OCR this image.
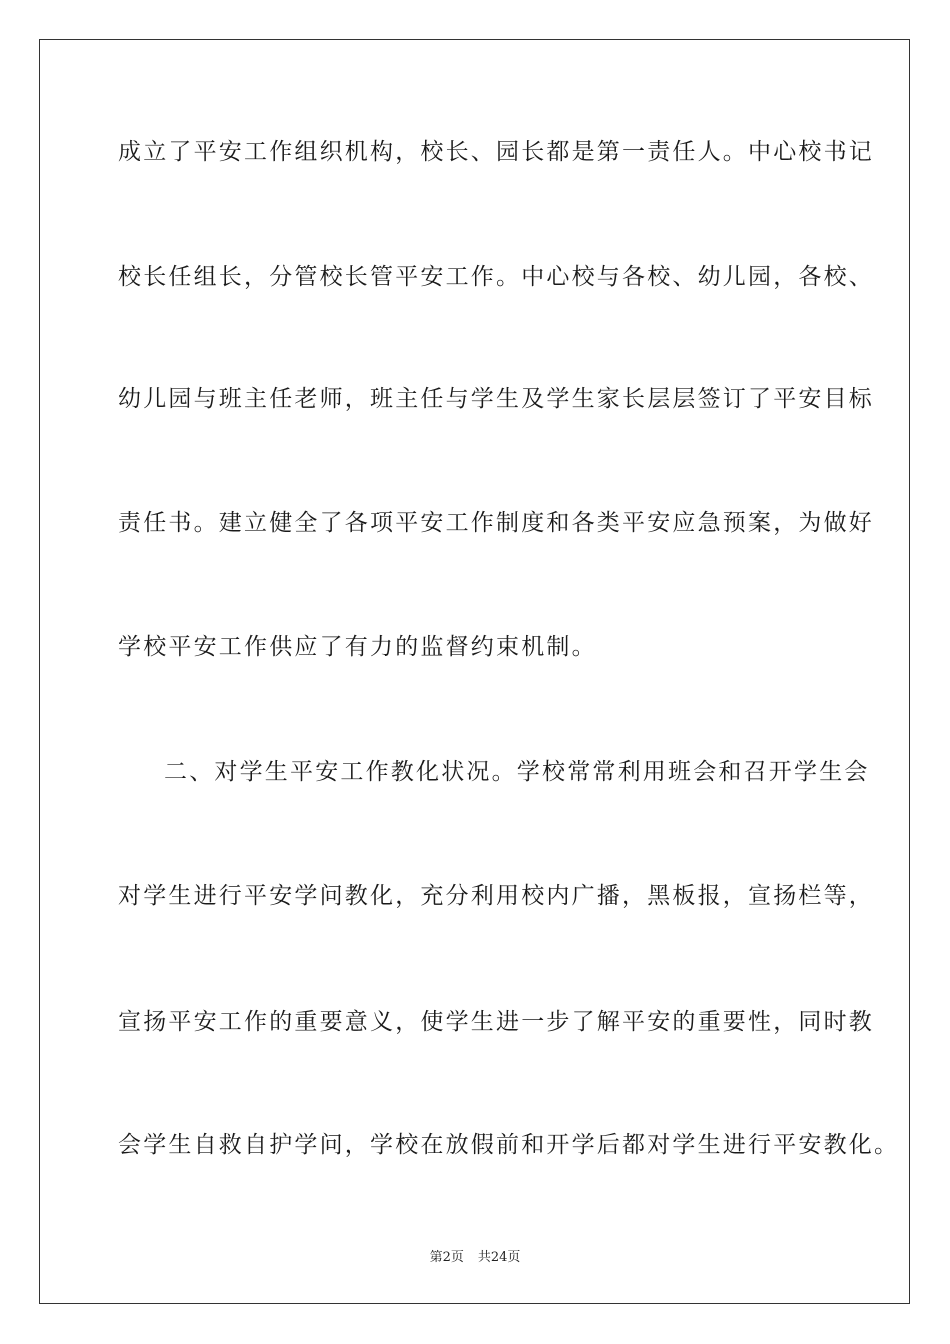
成立了平安工作组织机构，校长、园长都是第一责任人。中心校书记
校长任组长，分管校长管平安工作。中心校与各校、幼儿园，各校、
幼儿园与班主任老师，班主任与学生及学生家长层层签订了平安目标
责任书。建立健全了各项平安工作制度和各类平安应急预案，为做好
学校平安工作供应了有力的监督约束机制。
二、对学生平安工作教化状况。学校常常利用班会和召开学生会
对学生进行平安学问教化，充分利用校内广播，黑板报，宣扬栏等，
宣扬平安工作的重要意义，使学生进一步了解平安的重要性，同时教
会学生自救自护学问，学校在放假前和开学后都对学生进行平安教化。
第2页 共24页
